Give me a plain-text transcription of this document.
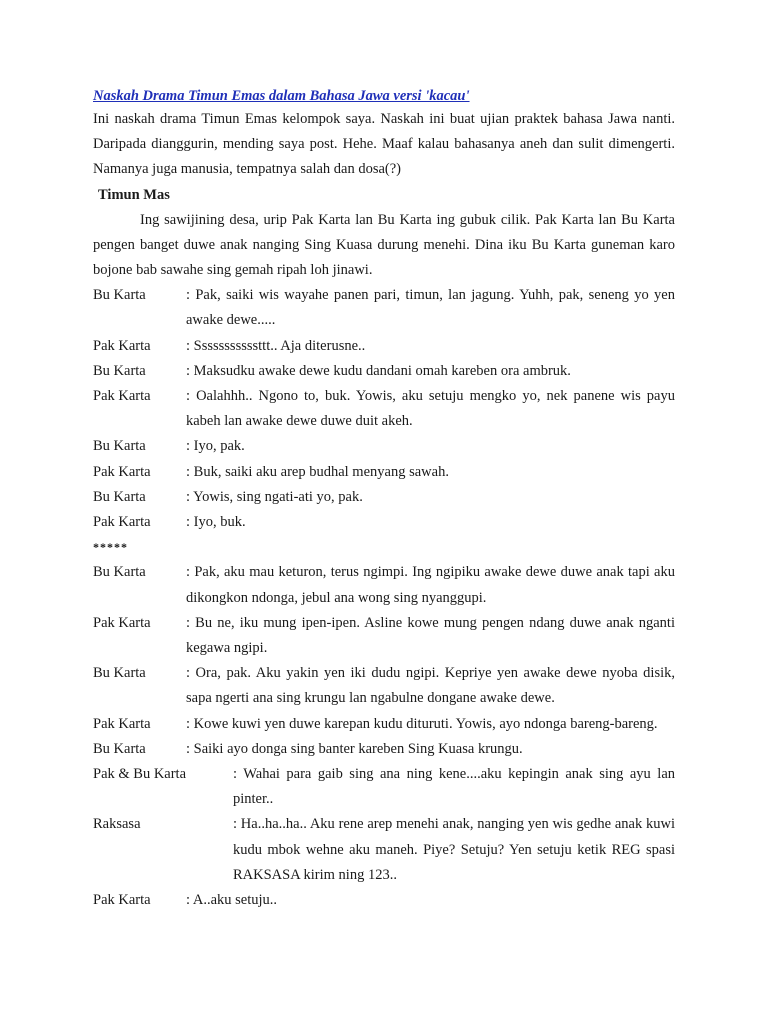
Naskah Drama Timun Emas dalam Bahasa Jawa versi 'kacau'

Ini naskah drama Timun Emas kelompok saya. Naskah ini buat ujian praktek bahasa Jawa nanti. Daripada dianggurin, mending saya post. Hehe. Maaf kalau bahasanya aneh dan sulit dimengerti. Namanya juga manusia, tempatnya salah dan dosa(?)

Timun Mas

Ing sawijining desa, urip Pak Karta lan Bu Karta ing gubuk cilik. Pak Karta lan Bu Karta pengen banget duwe anak nanging Sing Kuasa durung menehi. Dina iku Bu Karta guneman karo bojone bab sawahe sing gemah ripah loh jinawi.

Bu Karta	: Pak, saiki wis wayahe panen pari, timun, lan jagung. Yuhh, pak, seneng yo yen awake dewe.....
Pak Karta	: Sssssssssssttt.. Aja diterusne..
Bu Karta	: Maksudku awake dewe kudu dandani omah kareben ora ambruk.
Pak Karta	: Oalahhh.. Ngono to, buk. Yowis, aku setuju mengko yo, nek panene wis payu kabeh lan awake dewe duwe duit akeh.
Bu Karta	: Iyo, pak.
Pak Karta	: Buk, saiki aku arep budhal menyang sawah.
Bu Karta	: Yowis, sing ngati-ati yo, pak.
Pak Karta	: Iyo, buk.
*****
Bu Karta	: Pak, aku mau keturon, terus ngimpi. Ing ngipiku awake dewe duwe anak tapi aku dikongkon ndonga, jebul ana wong sing nyanggupi.
Pak Karta	: Bu ne, iku mung ipen-ipen. Asline kowe mung pengen ndang duwe anak nganti kegawa ngipi.
Bu Karta	: Ora, pak. Aku yakin yen iki dudu ngipi. Kepriye yen awake dewe nyoba disik, sapa ngerti ana sing krungu lan ngabulne dongane awake dewe.
Pak Karta	: Kowe kuwi yen duwe karepan kudu dituruti. Yowis, ayo ndonga bareng-bareng.
Bu Karta	: Saiki ayo donga sing banter kareben Sing Kuasa krungu.
Pak & Bu Karta	: Wahai para gaib sing ana ning kene....aku kepingin anak sing ayu lan pinter..
Raksasa	: Ha..ha..ha.. Aku rene arep menehi anak, nanging yen wis gedhe anak kuwi kudu mbok wehne aku maneh. Piye? Setuju? Yen setuju ketik REG spasi RAKSASA kirim ning 123..
Pak Karta	: A..aku setuju..
